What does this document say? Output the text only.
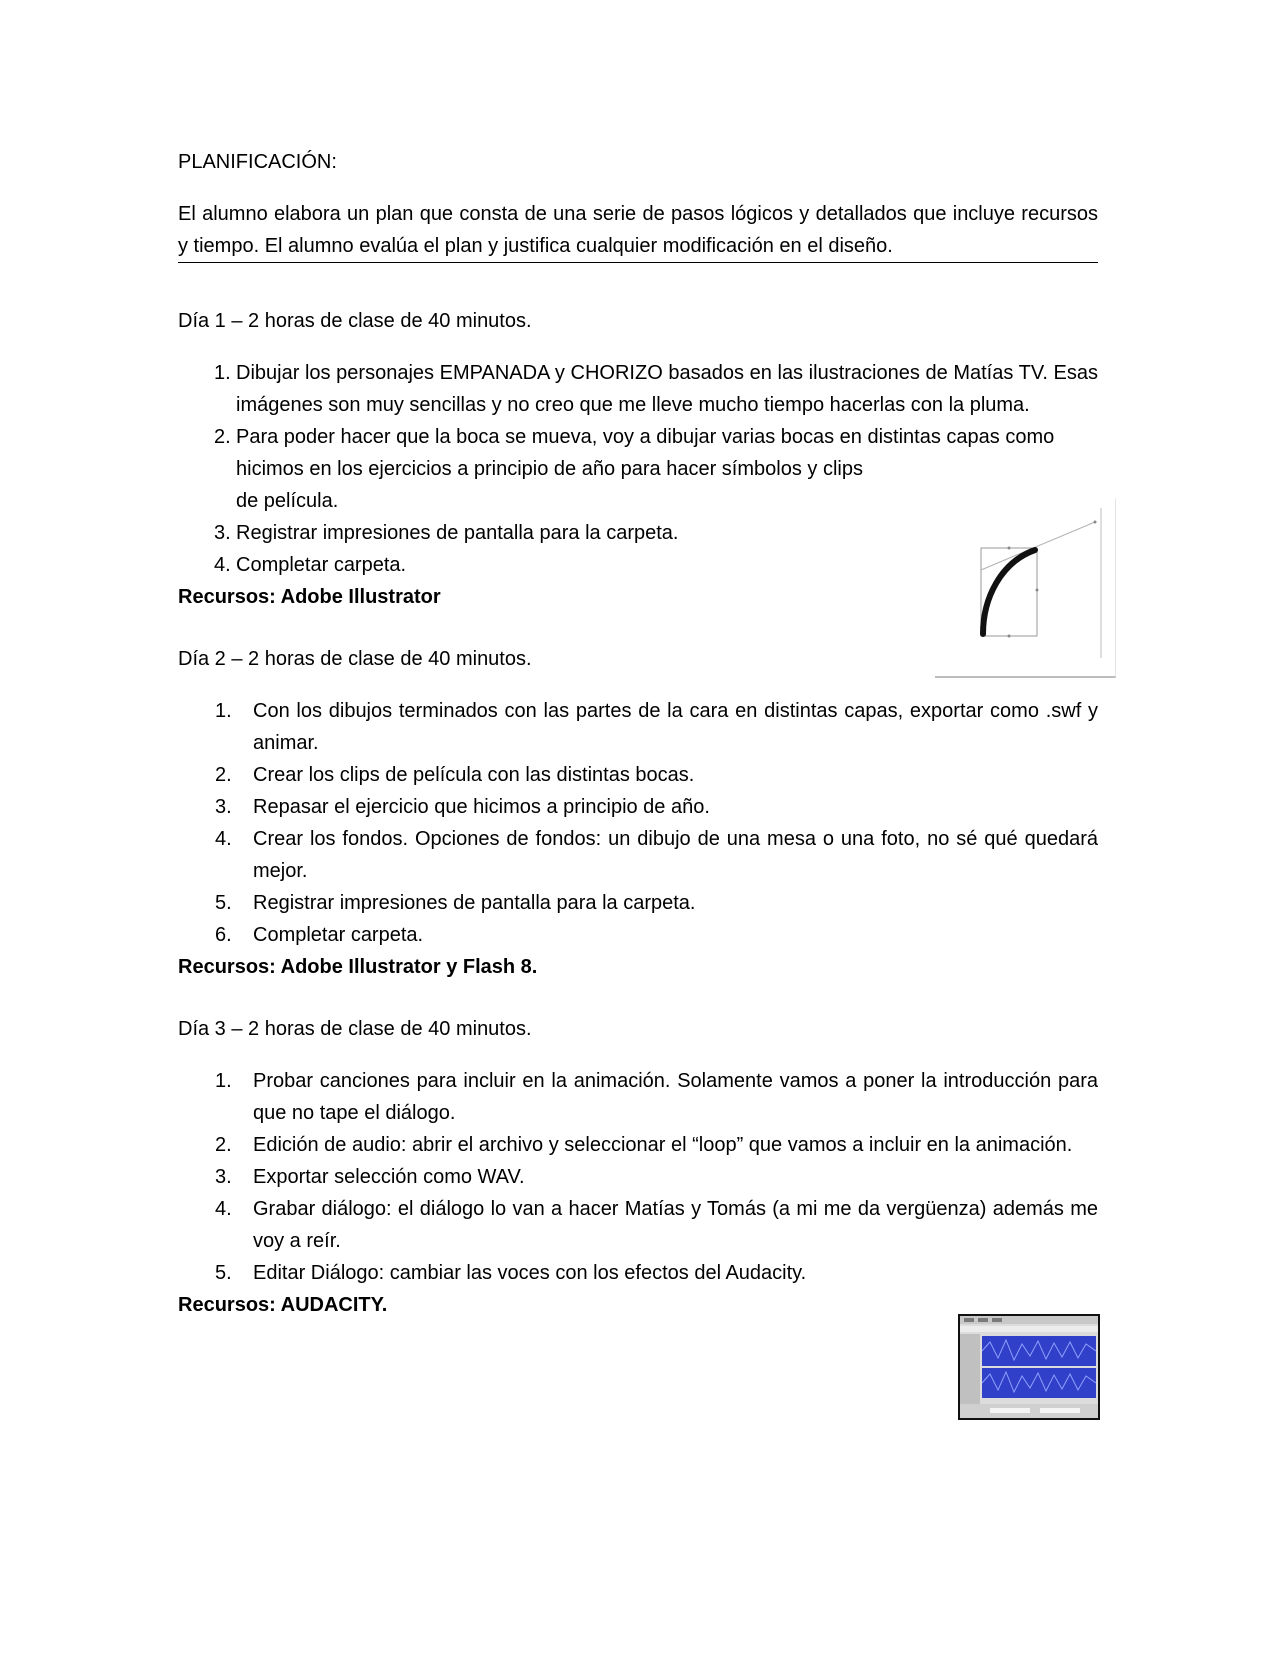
PLANIFICACIÓN:

El alumno elabora un plan que consta de una serie de pasos lógicos y detallados que incluye recursos y tiempo. El alumno evalúa el plan y justifica cualquier modificación en el diseño.

Día 1 – 2 horas de clase de 40 minutos.

1. Dibujar los personajes EMPANADA y CHORIZO basados en las ilustraciones de Matías TV. Esas imágenes son muy sencillas y no creo que me lleve mucho tiempo hacerlas con la pluma.
2. Para poder hacer que la boca se mueva, voy a dibujar varias bocas en distintas capas como
hicimos en los ejercicios a principio de año para hacer símbolos y clips
de película.
3. Registrar impresiones de pantalla para la carpeta.
4. Completar carpeta.

Recursos: Adobe Illustrator

Día 2 – 2 horas de clase de 40 minutos.

1. Con los dibujos terminados con las partes de la cara en distintas capas, exportar como .swf y animar.
2. Crear los clips de película con las distintas bocas.
3. Repasar el ejercicio que hicimos a principio de año.
4. Crear los fondos. Opciones de fondos: un dibujo de una mesa o una foto, no sé qué quedará mejor.
5. Registrar impresiones de pantalla para la carpeta.
6. Completar carpeta.

Recursos: Adobe Illustrator y Flash 8.

Día 3 – 2 horas de clase de 40 minutos.

1. Probar canciones para incluir en la animación. Solamente vamos a poner la introducción para que no tape el diálogo.
2. Edición de audio: abrir el archivo y seleccionar el “loop” que vamos a incluir en la animación.
3. Exportar selección como WAV.
4. Grabar diálogo: el diálogo lo van a hacer Matías y Tomás (a mi me da vergüenza) además me voy a reír.
5. Editar Diálogo: cambiar las voces con los efectos del Audacity.

Recursos: AUDACITY.
